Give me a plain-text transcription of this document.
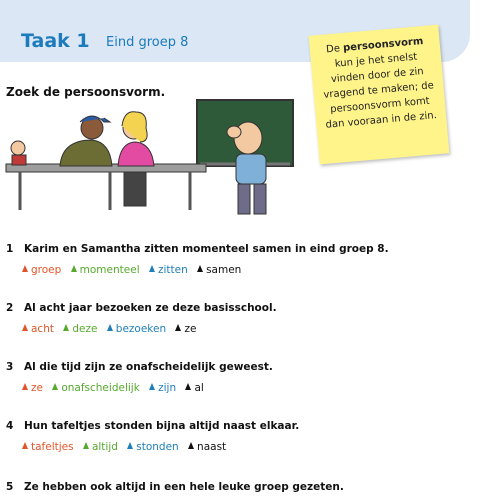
Taak 1 Eind groep 8	De persoonsvorm
kun je het snelst
vinden door de zin
vragend te maken; de
persoonsvorm komt
dan vooraan in de zin.
Zoek de persoonsvorm.
1 Karim en Samantha zitten momenteel samen in eind groep 8.
groep momenteel zitten samen
2 Al acht jaar bezoeken ze deze basisschool.
acht deze bezoeken ze
3 Al die tijd zijn ze onafscheidelijk geweest.
ze onafscheidelijk zijn al
4 Hun tafeltjes stonden bijna altijd naast elkaar.
tafeltjes altijd stonden naast
5 Ze hebben ook altijd in een hele leuke groep gezeten.
